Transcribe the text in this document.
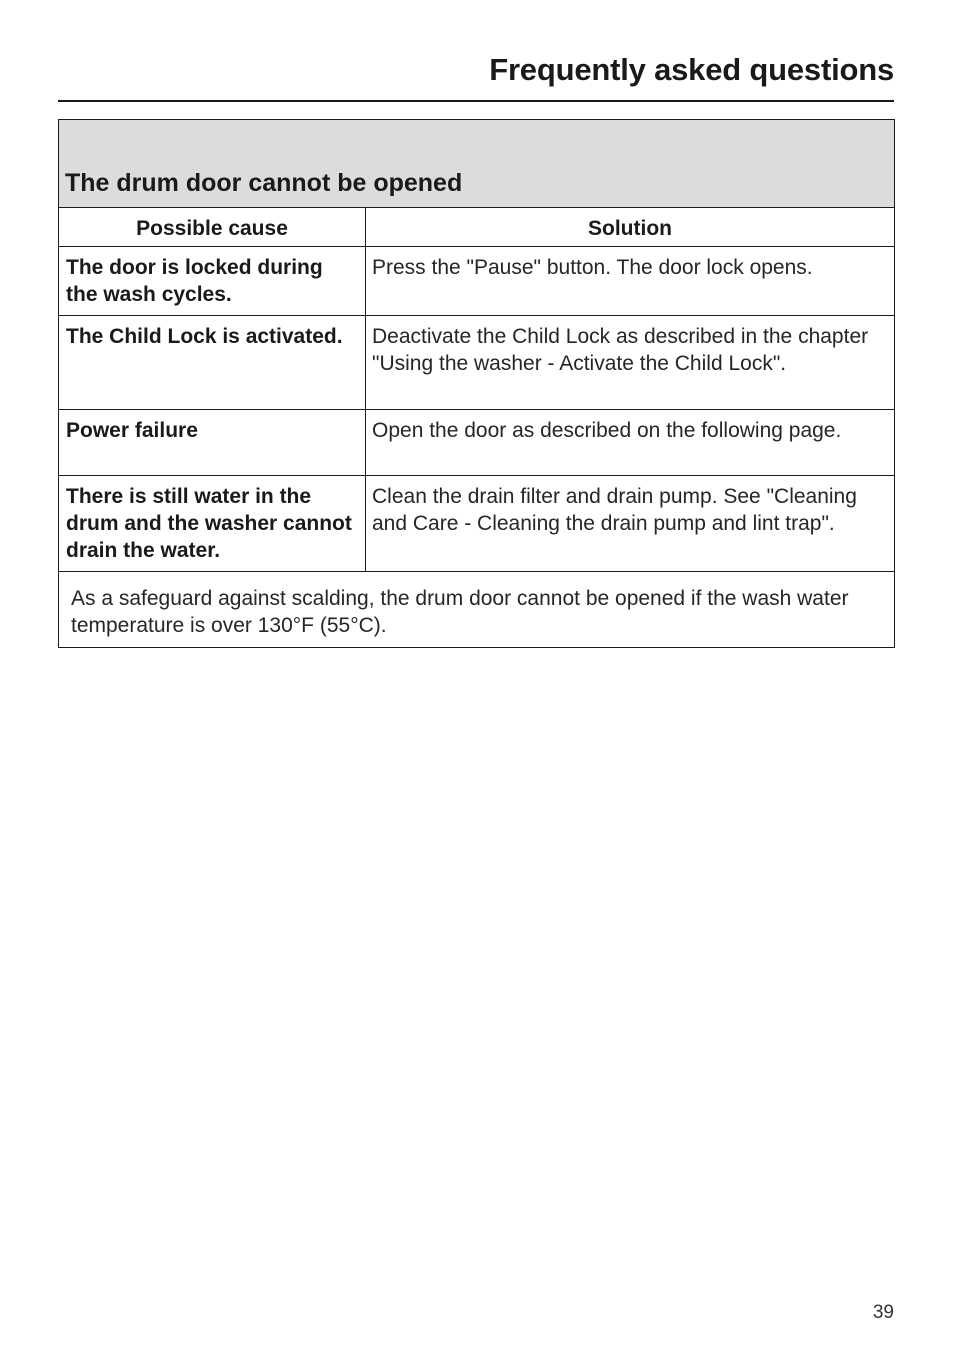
Frequently asked questions
The drum door cannot be opened	
Possible cause	Solution
The door is locked during the wash cycles.	Press the "Pause" button. The door lock opens.
The Child Lock is activated.	Deactivate the Child Lock as described in the chapter "Using the washer - Activate the Child Lock".
Power failure	Open the door as described on the following page.
There is still water in the drum and the washer cannot drain the water.	Clean the drain filter and drain pump. See "Cleaning and Care - Cleaning the drain pump and lint trap".
As a safeguard against scalding, the drum door cannot be opened if the wash water temperature is over 130°F (55°C).	
39
